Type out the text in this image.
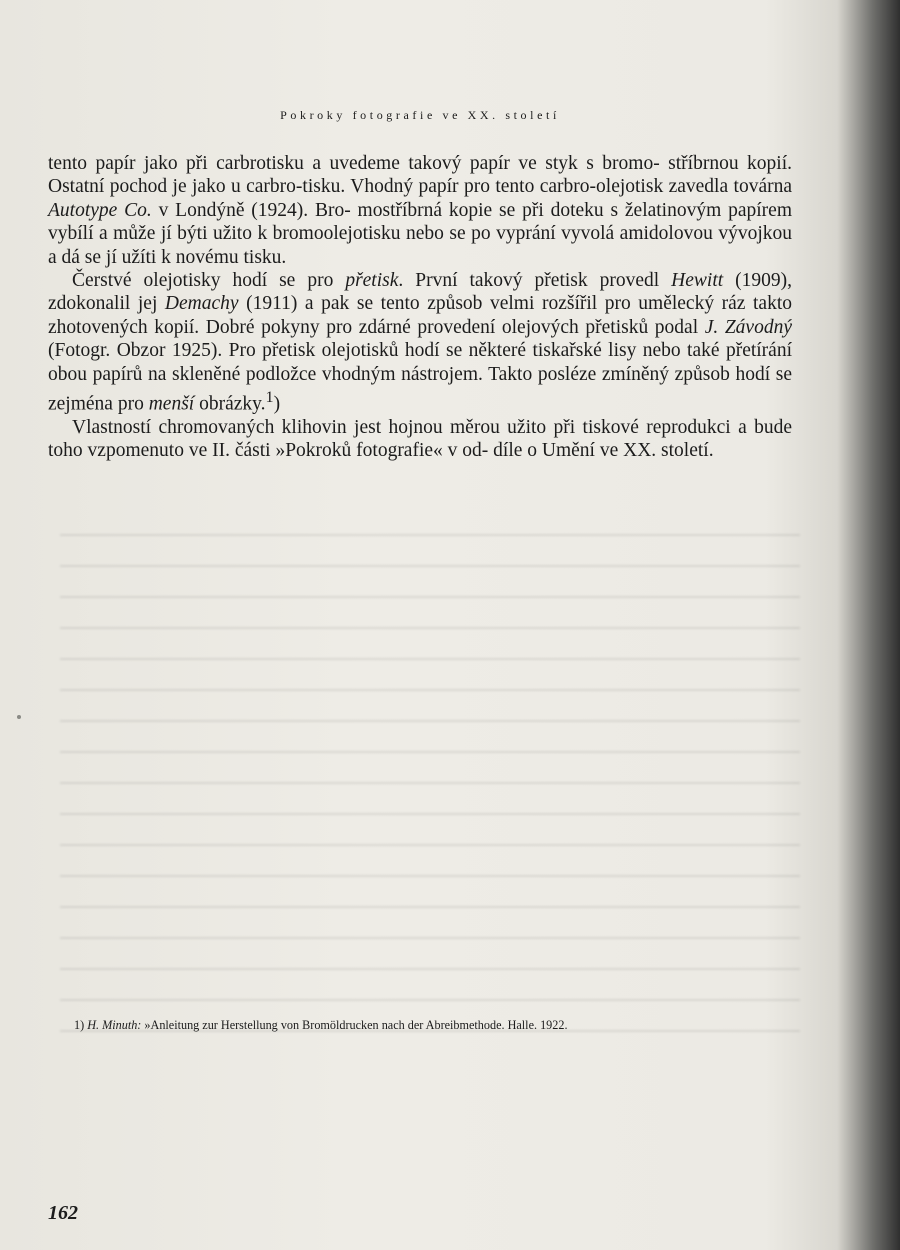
Pokroky fotografie ve XX. století

tento papír jako při carbrotisku a uvedeme takový papír ve styk s bromo- stříbrnou kopií. Ostatní pochod je jako u carbro-tisku. Vhodný papír pro tento carbro-olejotisk zavedla továrna Autotype Co. v Londýně (1924). Bro- mostříbrná kopie se při doteku s želatinovým papírem vybílí a může jí býti užito k bromoolejotisku nebo se po vyprání vyvolá amidolovou vývojkou a dá se jí užíti k novému tisku.

Čerstvé olejotisky hodí se pro přetisk. První takový přetisk provedl Hewitt (1909), zdokonalil jej Demachy (1911) a pak se tento způsob velmi rozšířil pro umělecký ráz takto zhotovených kopií. Dobré pokyny pro zdárné provedení olejových přetisků podal J. Závodný (Fotogr. Obzor 1925). Pro přetisk olejotisků hodí se některé tiskařské lisy nebo také přetírání obou papírů na skleněné podložce vhodným nástrojem. Takto posléze zmíněný způsob hodí se zejména pro menší obrázky.$^1$)

Vlastností chromovaných klihovin jest hojnou měrou užito při tiskové reprodukci a bude toho vzpomenuto ve II. části »Pokroků fotografie« v od- díle o Umění ve XX. století.

1) H. Minuth: »Anleitung zur Herstellung von Bromöldrucken nach der Abreibmethode. Halle. 1922.
162
